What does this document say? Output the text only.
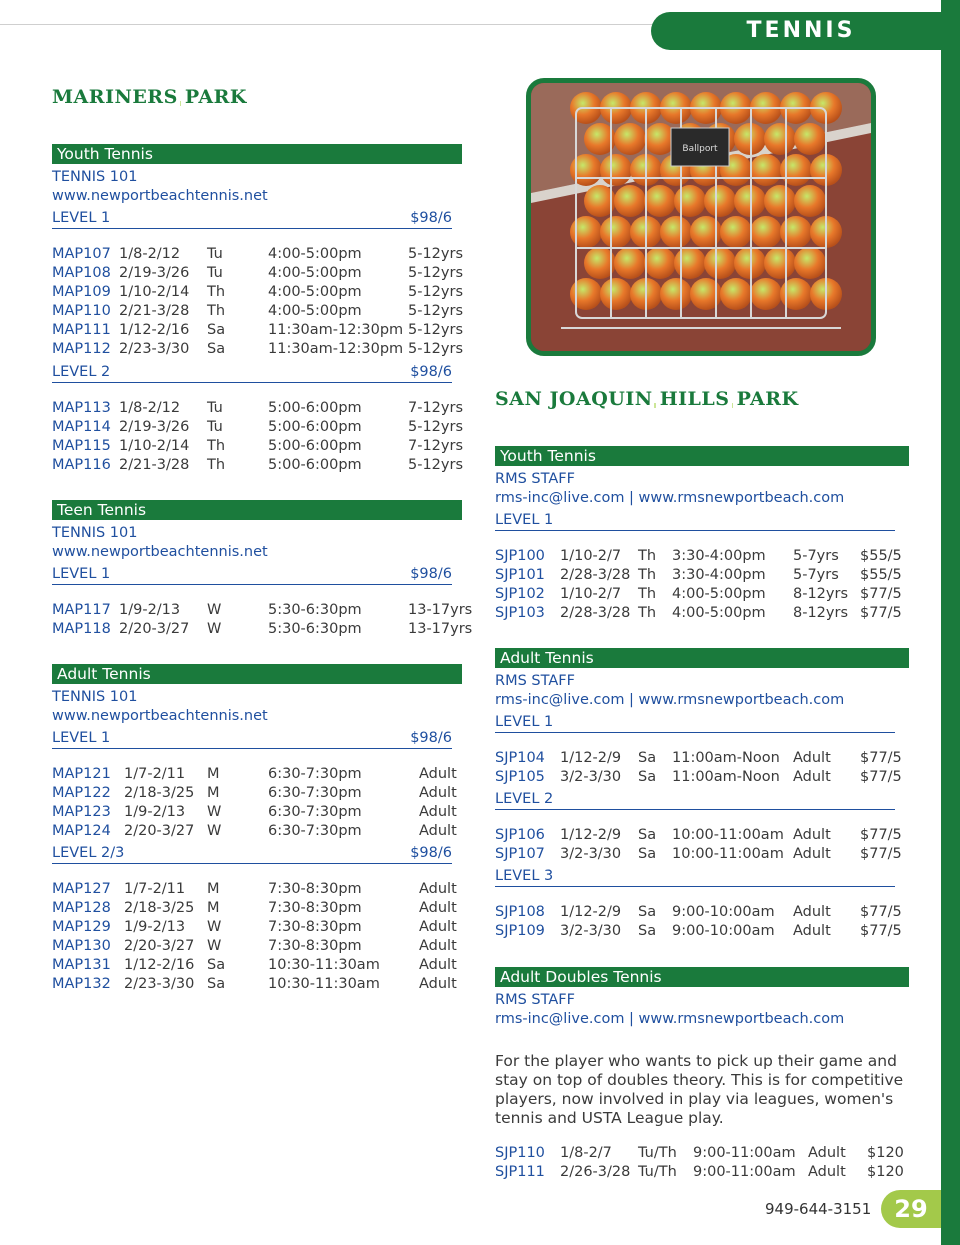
TENNIS
MARINERS PARK
Youth Tennis
TENNIS 101
www.newportbeachtennis.net
LEVEL 1	$98/6
MAP107 1/8-2/12 Tu	4:00-5:00pm	5-12yrs
MAP108 2/19-3/26 Tu	4:00-5:00pm	5-12yrs
MAP109 1/10-2/14 Th	4:00-5:00pm	5-12yrs
MAP110 2/21-3/28 Th	4:00-5:00pm	5-12yrs
MAP111 1/12-2/16 Sa	11:30am-12:30pm 5-12yrs
MAP112 2/23-3/30 Sa	11:30am-12:30pm 5-12yrs
LEVEL 2	$98/6
MAP113 1/8-2/12 Tu	5:00-6:00pm	7-12yrs
MAP114 2/19-3/26 Tu	5:00-6:00pm	5-12yrs
MAP115 1/10-2/14 Th	5:00-6:00pm	7-12yrs
MAP116 2/21-3/28 Th	5:00-6:00pm	5-12yrs
Teen Tennis
TENNIS 101
www.newportbeachtennis.net
LEVEL 1	$98/6
MAP117 1/9-2/13 W	5:30-6:30pm	13-17yrs
MAP118 2/20-3/27 W	5:30-6:30pm	13-17yrs
Adult Tennis
TENNIS 101
www.newportbeachtennis.net
LEVEL 1	$98/6
MAP121 1/7-2/11 M	6:30-7:30pm	Adult
MAP122 2/18-3/25 M	6:30-7:30pm	Adult
MAP123 1/9-2/13 W	6:30-7:30pm	Adult
MAP124 2/20-3/27 W	6:30-7:30pm	Adult
LEVEL 2/3	$98/6
MAP127 1/7-2/11 M	7:30-8:30pm	Adult
MAP128 2/18-3/25 M	7:30-8:30pm	Adult
MAP129 1/9-2/13 W	7:30-8:30pm	Adult
MAP130 2/20-3/27 W	7:30-8:30pm	Adult
MAP131 1/12-2/16 Sa	10:30-11:30am	Adult
MAP132 2/23-3/30 Sa	10:30-11:30am	Adult
Ballport
SAN JOAQUIN HILLS PARK
Youth Tennis
RMS STAFF
rms-inc@live.com | www.rmsnewportbeach.com
LEVEL 1
SJP100 1/10-2/7 Th 3:30-4:00pm 5-7yrs $55/5
SJP101 2/28-3/28 Th 3:30-4:00pm 5-7yrs $55/5
SJP102 1/10-2/7 Th 4:00-5:00pm 8-12yrs $77/5
SJP103 2/28-3/28 Th 4:00-5:00pm 8-12yrs $77/5
Adult Tennis
RMS STAFF
rms-inc@live.com | www.rmsnewportbeach.com
LEVEL 1
SJP104 1/12-2/9 Sa 11:00am-Noon Adult $77/5
SJP105 3/2-3/30 Sa 11:00am-Noon Adult $77/5
LEVEL 2
SJP106 1/12-2/9 Sa 10:00-11:00am Adult $77/5
SJP107 3/2-3/30 Sa 10:00-11:00am Adult $77/5
LEVEL 3
SJP108 1/12-2/9 Sa 9:00-10:00am Adult $77/5
SJP109 3/2-3/30 Sa 9:00-10:00am Adult $77/5
Adult Doubles Tennis
RMS STAFF
rms-inc@live.com | www.rmsnewportbeach.com
For the player who wants to pick up their game and stay on top of doubles theory. This is for competitive players, now involved in play via leagues, women's tennis and USTA League play.
SJP110 1/8-2/7 Tu/Th 9:00-11:00am Adult $120
SJP111 2/26-3/28 Tu/Th 9:00-11:00am Adult $120
949-644-3151 29
